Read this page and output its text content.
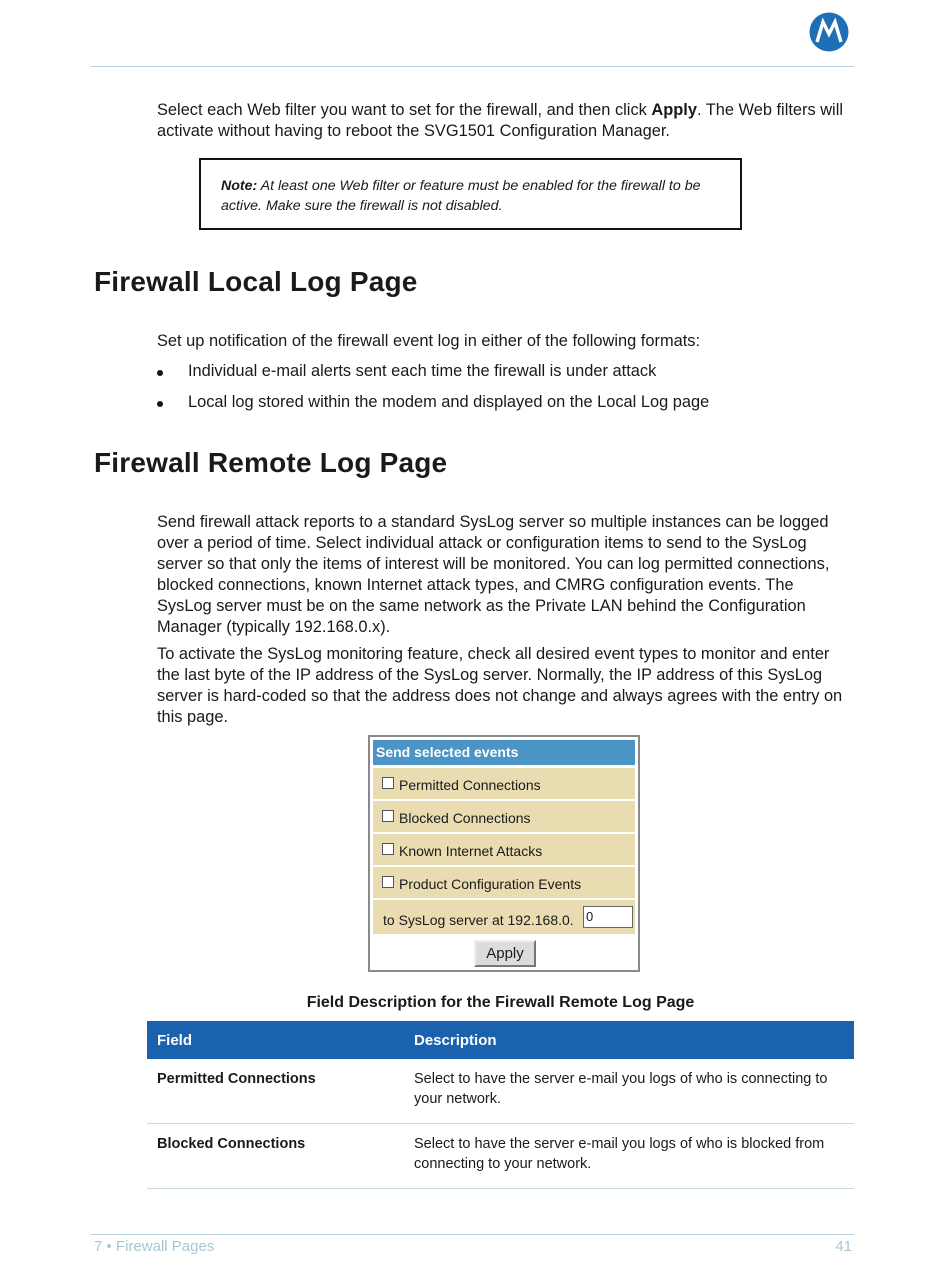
Select each Web filter you want to set for the firewall, and then click Apply. The Web filters will activate without having to reboot the SVG1501 Configuration Manager.

Note: At least one Web filter or feature must be enabled for the firewall to be active. Make sure the firewall is not disabled.
Firewall Local Log Page

Set up notification of the firewall event log in either of the following formats:

Individual e-mail alerts sent each time the firewall is under attack
Local log stored within the modem and displayed on the Local Log page
Firewall Remote Log Page

Send firewall attack reports to a standard SysLog server so multiple instances can be logged over a period of time. Select individual attack or configuration items to send to the SysLog server so that only the items of interest will be monitored. You can log permitted connections, blocked connections, known Internet attack types, and CMRG configuration events. The SysLog server must be on the same network as the Private LAN behind the Configuration Manager (typically 192.168.0.x).

To activate the SysLog monitoring feature, check all desired event types to monitor and enter the last byte of the IP address of the SysLog server. Normally, the IP address of this SysLog server is hard-coded so that the address does not change and always agrees with the entry on this page.

Send selected events
Permitted Connections
Blocked Connections
Known Internet Attacks
Product Configuration Events
to SysLog server at 192.168.0. 0
Apply
Field Description for the Firewall Remote Log Page
Field	Description
Permitted Connections	Select to have the server e-mail you logs of who is connecting to your network.
Blocked Connections	Select to have the server e-mail you logs of who is blocked from connecting to your network.
7 • Firewall Pages	41
